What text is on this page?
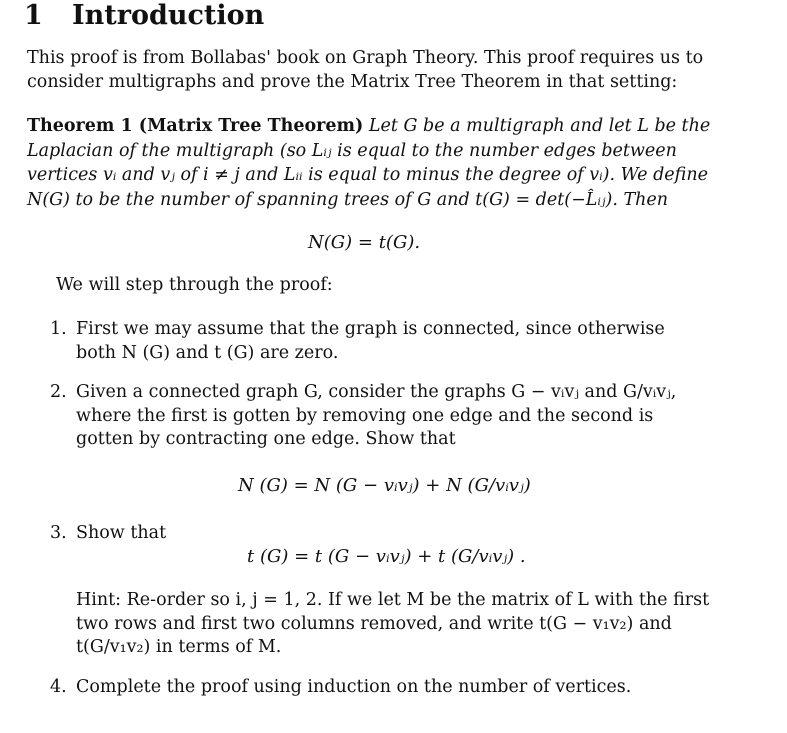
1 Introduction
This proof is from Bollabas' book on Graph Theory. This proof requires us to consider multigraphs and prove the Matrix Tree Theorem in that setting:
Theorem 1 (Matrix Tree Theorem) Let G be a multigraph and let L be the Laplacian of the multigraph (so Lᵢⱼ is equal to the number edges between vertices vᵢ and vⱼ of i ≠ j and Lᵢᵢ is equal to minus the degree of vᵢ). We define N(G) to be the number of spanning trees of G and t(G) = det(−L̂ᵢⱼ). Then
N(G) = t(G).
We will step through the proof:
1. First we may assume that the graph is connected, since otherwise both N (G) and t (G) are zero.
2. Given a connected graph G, consider the graphs G − vᵢvⱼ and G/vᵢvⱼ, where the first is gotten by removing one edge and the second is gotten by contracting one edge. Show that
N (G) = N (G − vᵢvⱼ) + N (G/vᵢvⱼ)
3. Show that
t (G) = t (G − vᵢvⱼ) + t (G/vᵢvⱼ) .
Hint: Re-order so i, j = 1, 2. If we let M be the matrix of L with the first two rows and first two columns removed, and write t(G − v₁v₂) and t(G/v₁v₂) in terms of M.
4. Complete the proof using induction on the number of vertices.
